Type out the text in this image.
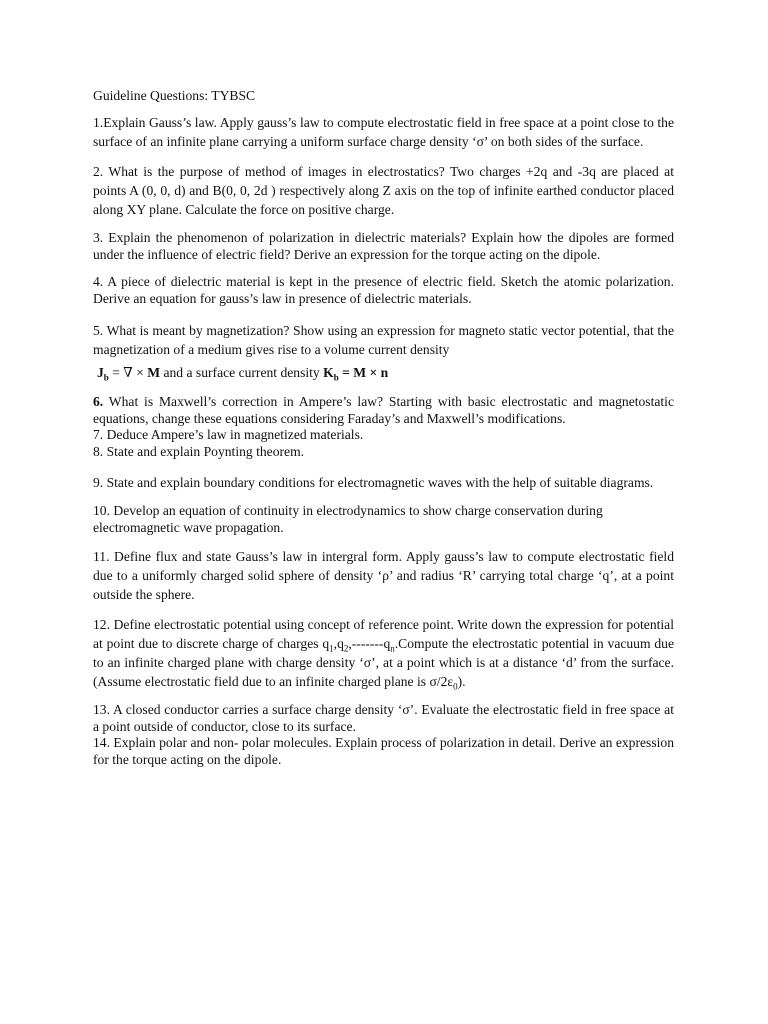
Guideline Questions: TYBSC

1.Explain Gauss’s law. Apply gauss’s law to compute electrostatic field in free space at a point close to the surface of an infinite plane carrying a uniform surface charge density ‘σ’ on both sides of the surface.

2. What is the purpose of method of images in electrostatics? Two charges +2q and -3q are placed at points A (0, 0, d) and B(0, 0, 2d ) respectively along Z axis on the top of infinite earthed conductor placed along XY plane. Calculate the force on positive charge.

3. Explain the phenomenon of polarization in dielectric materials? Explain how the dipoles are formed under the influence of electric field? Derive an expression for the torque acting on the dipole.

4. A piece of dielectric material is kept in the presence of electric field. Sketch the atomic polarization. Derive an equation for gauss’s law in presence of dielectric materials.

5. What is meant by magnetization? Show using an expression for magneto static vector potential, that the magnetization of a medium gives rise to a volume current density

$J_b$ = ∇ × M and a surface current density $K_b = M \times n$

6. What is Maxwell’s correction in Ampere’s law? Starting with basic electrostatic and magnetostatic equations, change these equations considering Faraday’s and Maxwell’s modifications.

7. Deduce Ampere’s law in magnetized materials.

8. State and explain Poynting theorem.

9. State and explain boundary conditions for electromagnetic waves with the help of suitable diagrams.

10. Develop an equation of continuity in electrodynamics to show charge conservation during electromagnetic wave propagation.

11. Define flux and state Gauss’s law in intergral form. Apply gauss’s law to compute electrostatic field due to a uniformly charged solid sphere of density ‘ρ’ and radius ‘R’ carrying total charge ‘q’, at a point outside the sphere.

12. Define electrostatic potential using concept of reference point. Write down the expression for potential at point due to discrete charge of charges $q_1,q_2,-------q_n.Compute$ the electrostatic potential in vacuum due to an infinite charged plane with charge density ‘σ’, at a point which is at a distance ‘d’ from the surface. (Assume electrostatic field due to an infinite charged plane is $\sigma/2\varepsilon_0$).

13. A closed conductor carries a surface charge density ‘σ’. Evaluate the electrostatic field in free space at a point outside of conductor, close to its surface.

14. Explain polar and non- polar molecules. Explain process of polarization in detail. Derive an expression for the torque acting on the dipole.
